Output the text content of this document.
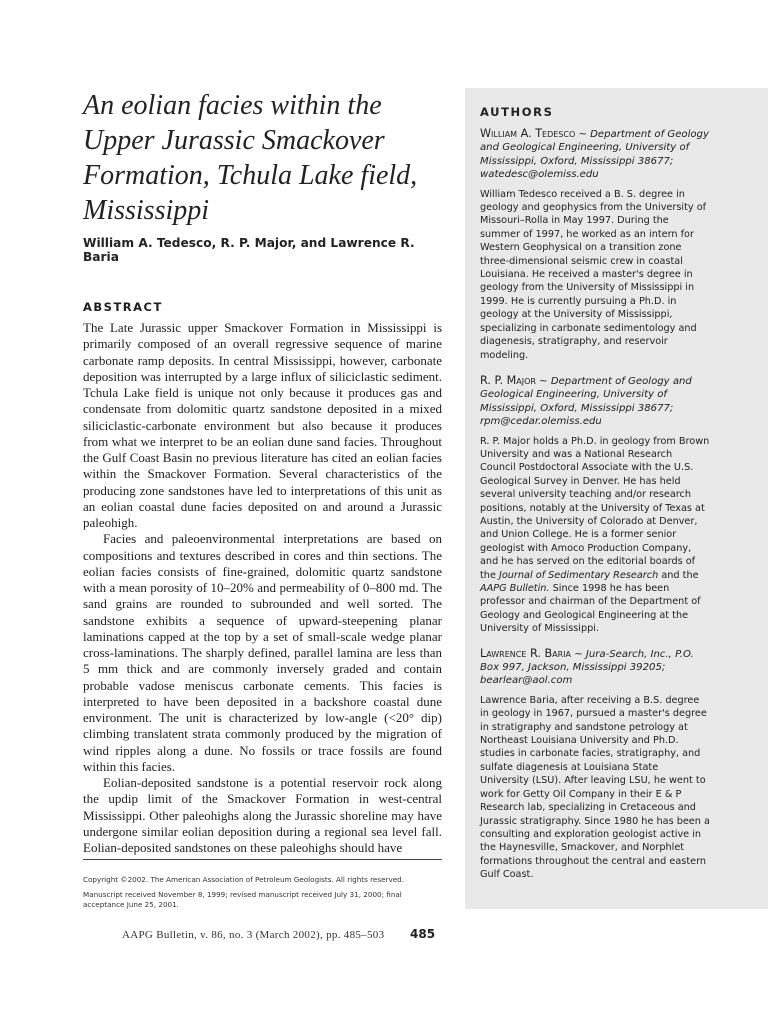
An eolian facies within the Upper Jurassic Smackover Formation, Tchula Lake field, Mississippi

William A. Tedesco, R. P. Major, and Lawrence R. Baria

ABSTRACT

The Late Jurassic upper Smackover Formation in Mississippi is primarily composed of an overall regressive sequence of marine carbonate ramp deposits. In central Mississippi, however, carbonate deposition was interrupted by a large influx of siliciclastic sediment. Tchula Lake field is unique not only because it produces gas and condensate from dolomitic quartz sandstone deposited in a mixed siliciclastic-carbonate environment but also because it produces from what we interpret to be an eolian dune sand facies. Throughout the Gulf Coast Basin no previous literature has cited an eolian facies within the Smackover Formation. Several characteristics of the producing zone sandstones have led to interpretations of this unit as an eolian coastal dune facies deposited on and around a Jurassic paleohigh.

Facies and paleoenvironmental interpretations are based on compositions and textures described in cores and thin sections. The eolian facies consists of fine-grained, dolomitic quartz sandstone with a mean porosity of 10–20% and permeability of 0–800 md. The sand grains are rounded to subrounded and well sorted. The sandstone exhibits a sequence of upward-steepening planar laminations capped at the top by a set of small-scale wedge planar cross-laminations. The sharply defined, parallel lamina are less than 5 mm thick and are commonly inversely graded and contain probable vadose meniscus carbonate cements. This facies is interpreted to have been deposited in a backshore coastal dune environment. The unit is characterized by low-angle (<20° dip) climbing translatent strata commonly produced by the migration of wind ripples along a dune. No fossils or trace fossils are found within this facies.

Eolian-deposited sandstone is a potential reservoir rock along the updip limit of the Smackover Formation in west-central Mississippi. Other paleohighs along the Jurassic shoreline may have undergone similar eolian deposition during a regional sea level fall. Eolian-deposited sandstones on these paleohighs should have

Copyright ©2002. The American Association of Petroleum Geologists. All rights reserved.

Manuscript received November 8, 1999; revised manuscript received July 31, 2000; final acceptance June 25, 2001.

AAPG Bulletin, v. 86, no. 3 (March 2002), pp. 485–503 485
AUTHORS

William A. Tedesco ~ Department of Geology and Geological Engineering, University of Mississippi, Oxford, Mississippi 38677; watedesc@olemiss.edu

William Tedesco received a B. S. degree in geology and geophysics from the University of Missouri–Rolla in May 1997. During the summer of 1997, he worked as an intern for Western Geophysical on a transition zone three-dimensional seismic crew in coastal Louisiana. He received a master's degree in geology from the University of Mississippi in 1999. He is currently pursuing a Ph.D. in geology at the University of Mississippi, specializing in carbonate sedimentology and diagenesis, stratigraphy, and reservoir modeling.

R. P. Major ~ Department of Geology and Geological Engineering, University of Mississippi, Oxford, Mississippi 38677; rpm@cedar.olemiss.edu

R. P. Major holds a Ph.D. in geology from Brown University and was a National Research Council Postdoctoral Associate with the U.S. Geological Survey in Denver. He has held several university teaching and/or research positions, notably at the University of Texas at Austin, the University of Colorado at Denver, and Union College. He is a former senior geologist with Amoco Production Company, and he has served on the editorial boards of the Journal of Sedimentary Research and the AAPG Bulletin. Since 1998 he has been professor and chairman of the Department of Geology and Geological Engineering at the University of Mississippi.

Lawrence R. Baria ~ Jura-Search, Inc., P.O. Box 997, Jackson, Mississippi 39205; bearlear@aol.com

Lawrence Baria, after receiving a B.S. degree in geology in 1967, pursued a master's degree in stratigraphy and sandstone petrology at Northeast Louisiana University and Ph.D. studies in carbonate facies, stratigraphy, and sulfate diagenesis at Louisiana State University (LSU). After leaving LSU, he went to work for Getty Oil Company in their E & P Research lab, specializing in Cretaceous and Jurassic stratigraphy. Since 1980 he has been a consulting and exploration geologist active in the Haynesville, Smackover, and Norphlet formations throughout the central and eastern Gulf Coast.
